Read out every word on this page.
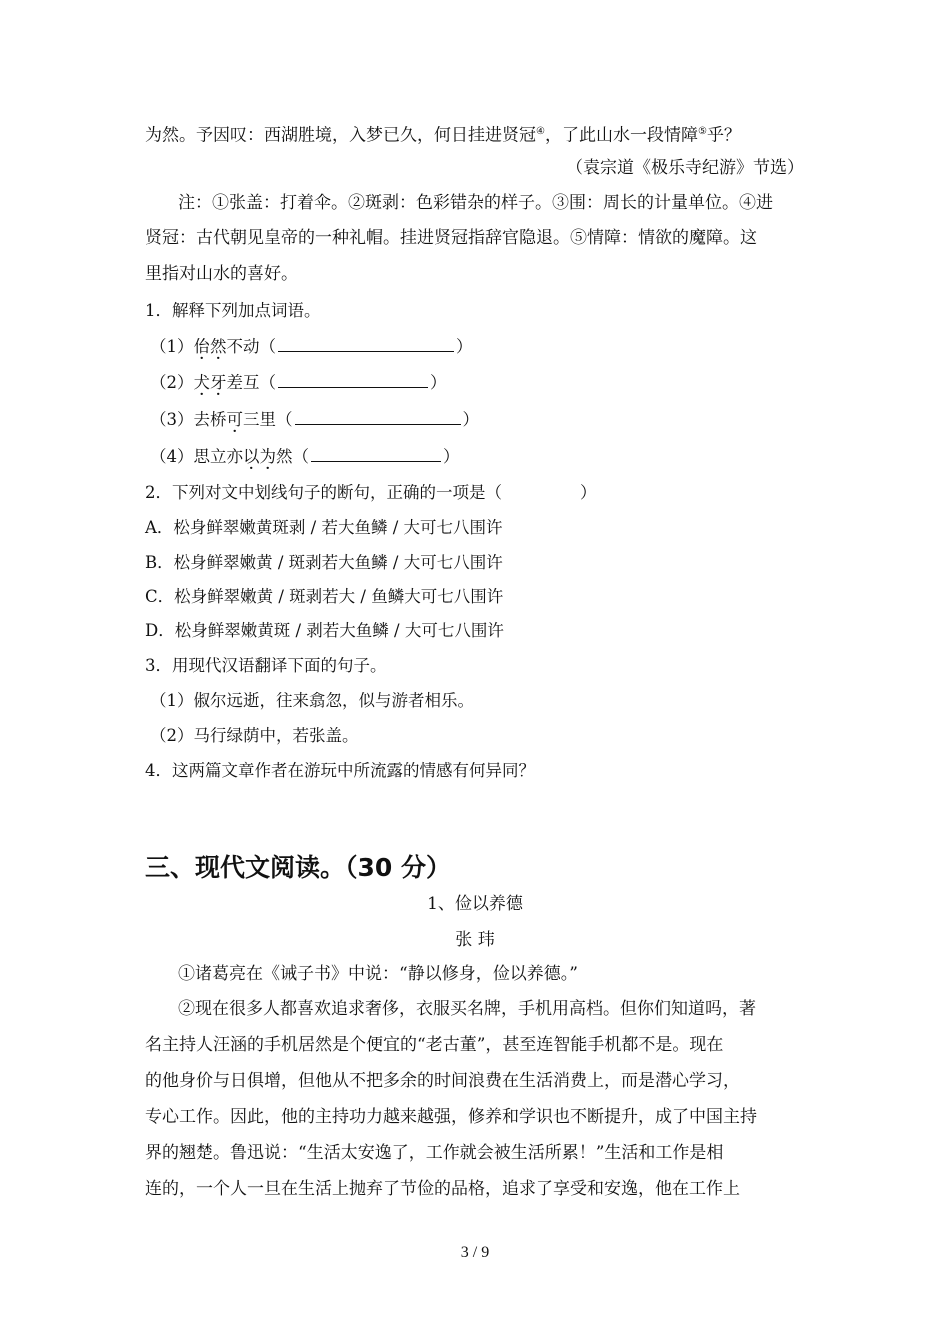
为然。予因叹：西湖胜境，入梦已久，何日挂进贤冠④，了此山水一段情障⑤乎？
（袁宗道《极乐寺纪游》节选）
注：①张盖：打着伞。②斑剥：色彩错杂的样子。③围：周长的计量单位。④进
贤冠：古代朝见皇帝的一种礼帽。挂进贤冠指辞官隐退。⑤情障：情欲的魔障。这
里指对山水的喜好。
1．解释下列加点词语。
（1）佁然不动（	）
（2）犬牙差互（	）
（3）去桥可三里（	）
（4）思立亦以为然（	）
2．下列对文中划线句子的断句，正确的一项是（	）
A．松身鲜翠嫩黄斑剥 / 若大鱼鳞 / 大可七八围许
B．松身鲜翠嫩黄 / 斑剥若大鱼鳞 / 大可七八围许
C．松身鲜翠嫩黄 / 斑剥若大 / 鱼鳞大可七八围许
D．松身鲜翠嫩黄斑 / 剥若大鱼鳞 / 大可七八围许
3．用现代汉语翻译下面的句子。
（1）俶尔远逝，往来翕忽，似与游者相乐。
（2）马行绿荫中，若张盖。
4．这两篇文章作者在游玩中所流露的情感有何异同？
三、现代文阅读。（30 分）
1、俭以养德
张 玮
①诸葛亮在《诫子书》中说：“静以修身，俭以养德。”
②现在很多人都喜欢追求奢侈，衣服买名牌，手机用高档。但你们知道吗，著
名主持人汪涵的手机居然是个便宜的“老古董”，甚至连智能手机都不是。现在
的他身价与日俱增，但他从不把多余的时间浪费在生活消费上，而是潜心学习，
专心工作。因此，他的主持功力越来越强，修养和学识也不断提升，成了中国主持
界的翘楚。鲁迅说：“生活太安逸了，工作就会被生活所累！”生活和工作是相
连的，一个人一旦在生活上抛弃了节俭的品格，追求了享受和安逸，他在工作上
3 / 9
